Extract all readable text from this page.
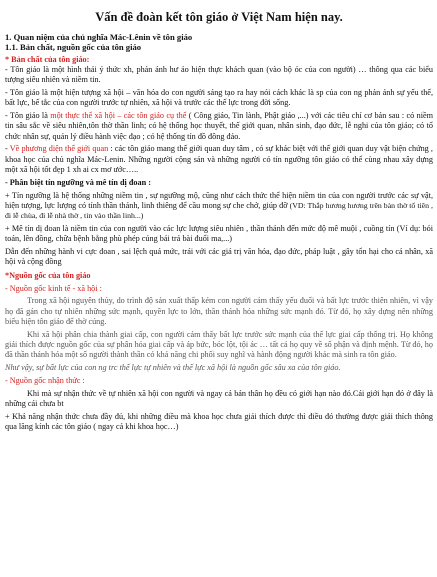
Vấn đề đoàn kết tôn giáo ở Việt Nam hiện nay.
1. Quan niệm của chủ nghĩa Mác-Lênin về tôn giáo
1.1. Bản chất, nguồn gốc của tôn giáo
* Bản chất của tôn giáo:

- Tôn giáo là một hình thái ý thức xh, phản ánh hư ảo hiện thực khách quan (vào bộ óc của con người) … thông qua các biểu tượng siêu nhiên và niềm tin.

- Tôn giáo là một hiện tượng xã hội – văn hóa do con người sáng tạo ra hay nói cách khác là sp của con ng phản ánh sự yếu thế, bất lực, bế tắc của con người trước tự nhiên, xã hội và trước các thế lực trong đời sống.

- Tôn giáo là một thực thể xã hội – các tôn giáo cụ thể ( Công giáo, Tin lành, Phật giáo ,...) với các tiêu chí cơ bản sau : có niềm tin sâu sắc về siêu nhiên,tôn thờ thần linh; có hệ thống học thuyết, thế giới quan, nhân sinh, đạo đức, lễ nghi của tôn giáo; có tổ chức nhân sự, quản lý điều hành việc đạo ; có hệ thống tín đồ đông đảo.

- Về phương diện thế giới quan : các tôn giáo mang thế giới quan duy tâm , có sự khác biệt với thế giới quan duy vật biện chứng , khoa học của chủ nghĩa Mác-Lenin. Những người cộng sản và những người có tín ngưỡng tôn giáo có thể cùng nhau xây dựng một xã hội tốt đẹp 1 xh ai cx mơ ước…..

- Phân biệt tín ngưỡng và mê tín dị đoan :

+ Tín ngưỡng là hệ thống những niềm tin , sự ngưỡng mộ, cũng như cách thức thể hiện niềm tin của con người trước các sự vật, hiện tượng, lực lượng có tính thần thánh, linh thiêng để cầu mong sự che chở, giúp đỡ (VD: Thắp hương hương trên bàn thờ tổ tiên , đi lễ chùa, đi lễ nhà thờ , tin vào thần linh...)

+ Mê tín dị đoan là niềm tin của con người vào các lực lượng siêu nhiên , thần thánh đến mức độ mê muội , cuồng tín (Ví dụ: bói toán, lên đồng, chữa bệnh bằng phù phép cúng bái trả bài đuổi ma,...)

Dẫn đến những hành vi cực đoan , sai lệch quá mức, trái với các giá trị văn hóa, đạo đức, pháp luật , gây tổn hại cho cá nhân, xã hội và cộng đồng

*Nguồn gốc của tôn giáo
- Nguồn gốc kinh tế - xã hội :

Trong xã hội nguyên thủy, do trình độ sản xuất thấp kém con người cảm thấy yếu đuối và bất lực trước thiên nhiên, vì vậy họ đã gán cho tự nhiên những sức mạnh, quyền lực to lớn, thần thánh hóa những sức mạnh đó. Từ đó, họ xây dựng nên những biểu hiện tôn giáo để thờ cúng.

Khi xã hội phân chia thành giai cấp, con người cảm thấy bất lực trước sức mạnh của thế lực giai cấp thống trị. Họ không giải thích được nguồn gốc của sự phân hóa giai cấp và áp bức, bóc lột, tội ác … tất cả họ quy về số phận và định mệnh. Từ đó, họ đã thần thánh hóa một số người thành thần có khả năng chi phối suy nghĩ và hành động người khác mà sinh ra tôn giáo.

Như vậy, sự bất lực của con ng trc thế lực tự nhiên và thế lực xã hội là nguồn gốc sâu xa của tôn giáo.

- Nguồn gốc nhận thức :

Khi mà sự nhận thức về tự nhiên xã hội con người và ngay cả bản thân họ đều có giới hạn nào đó.Cái giới hạn đó ở đây là những cái chưa bt

+ Khả năng nhận thức chưa đầy đủ, khi những điều mà khoa học chưa giải thích được thì điều đó thường được giải thích thông qua lăng kính các tôn giáo ( ngay cả khi khoa học…)
